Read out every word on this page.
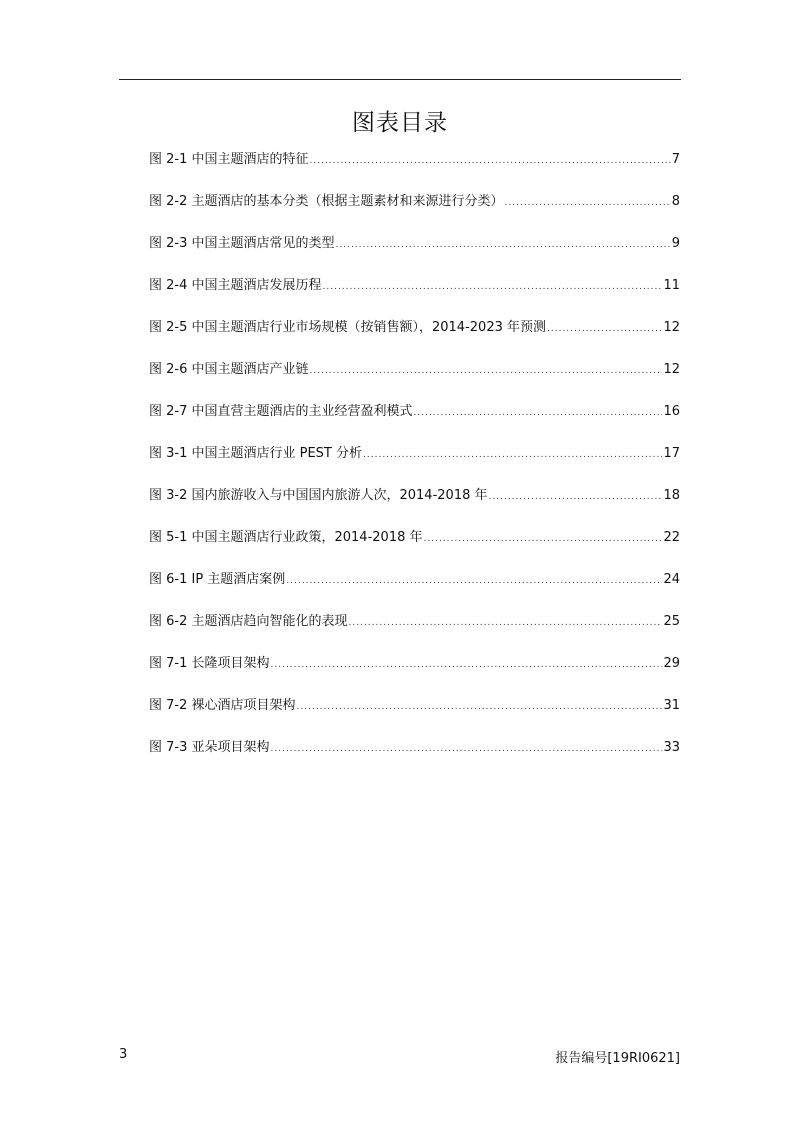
图表目录
图 2-1 中国主题酒店的特征 .....	7
图 2-2 主题酒店的基本分类（根据主题素材和来源进行分类） .....	8
图 2-3 中国主题酒店常见的类型 .....	9
图 2-4 中国主题酒店发展历程 .....	11
图 2-5 中国主题酒店行业市场规模（按销售额），2014-2023 年预测 .....	12
图 2-6 中国主题酒店产业链 .....	12
图 2-7 中国直营主题酒店的主业经营盈利模式 .....	16
图 3-1 中国主题酒店行业 PEST 分析 .....	17
图 3-2 国内旅游收入与中国国内旅游人次，2014-2018 年 .....	18
图 5-1 中国主题酒店行业政策，2014-2018 年 .....	22
图 6-1 IP 主题酒店案例 .....	24
图 6-2 主题酒店趋向智能化的表现 .....	25
图 7-1 长隆项目架构 .....	29
图 7-2 裸心酒店项目架构 .....	31
图 7-3 亚朵项目架构 .....	33
3	报告编号[19RI0621]
